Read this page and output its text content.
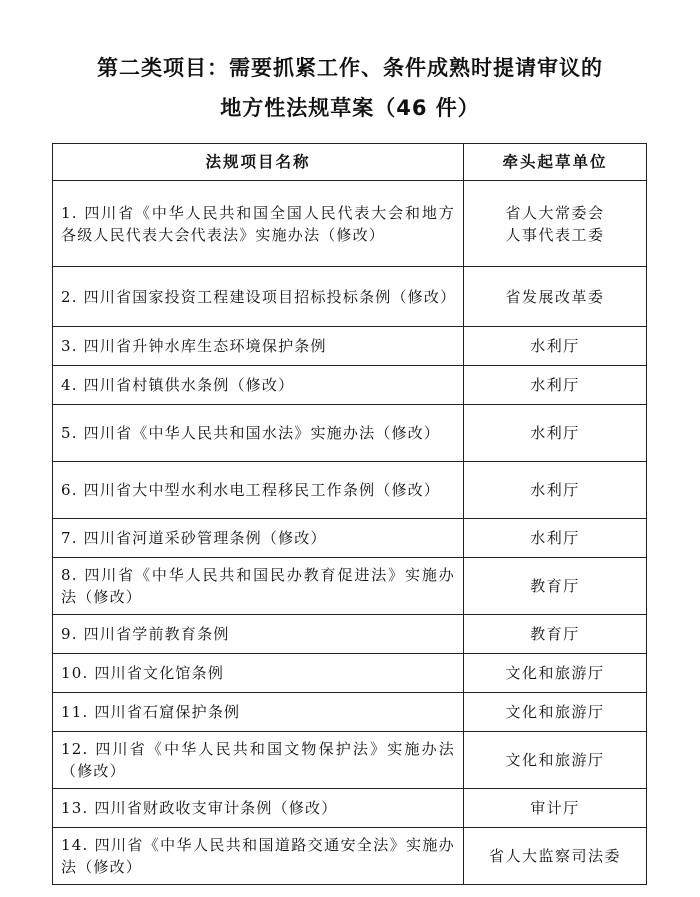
第二类项目：需要抓紧工作、条件成熟时提请审议的
地方性法规草案（46 件）
法规项目名称	牵头起草单位
1. 四川省《中华人民共和国全国人民代表大会和地方各级人民代表大会代表法》实施办法（修改）	省人大常委会
人事代表工委
2. 四川省国家投资工程建设项目招标投标条例（修改）	省发展改革委
3. 四川省升钟水库生态环境保护条例	水利厅
4. 四川省村镇供水条例（修改）	水利厅
5. 四川省《中华人民共和国水法》实施办法（修改）	水利厅
6. 四川省大中型水利水电工程移民工作条例（修改）	水利厅
7. 四川省河道采砂管理条例（修改）	水利厅
8. 四川省《中华人民共和国民办教育促进法》实施办法（修改）	教育厅
9. 四川省学前教育条例	教育厅
10. 四川省文化馆条例	文化和旅游厅
11. 四川省石窟保护条例	文化和旅游厅
12. 四川省《中华人民共和国文物保护法》实施办法（修改）	文化和旅游厅
13. 四川省财政收支审计条例（修改）	审计厅
14. 四川省《中华人民共和国道路交通安全法》实施办法（修改）	省人大监察司法委
